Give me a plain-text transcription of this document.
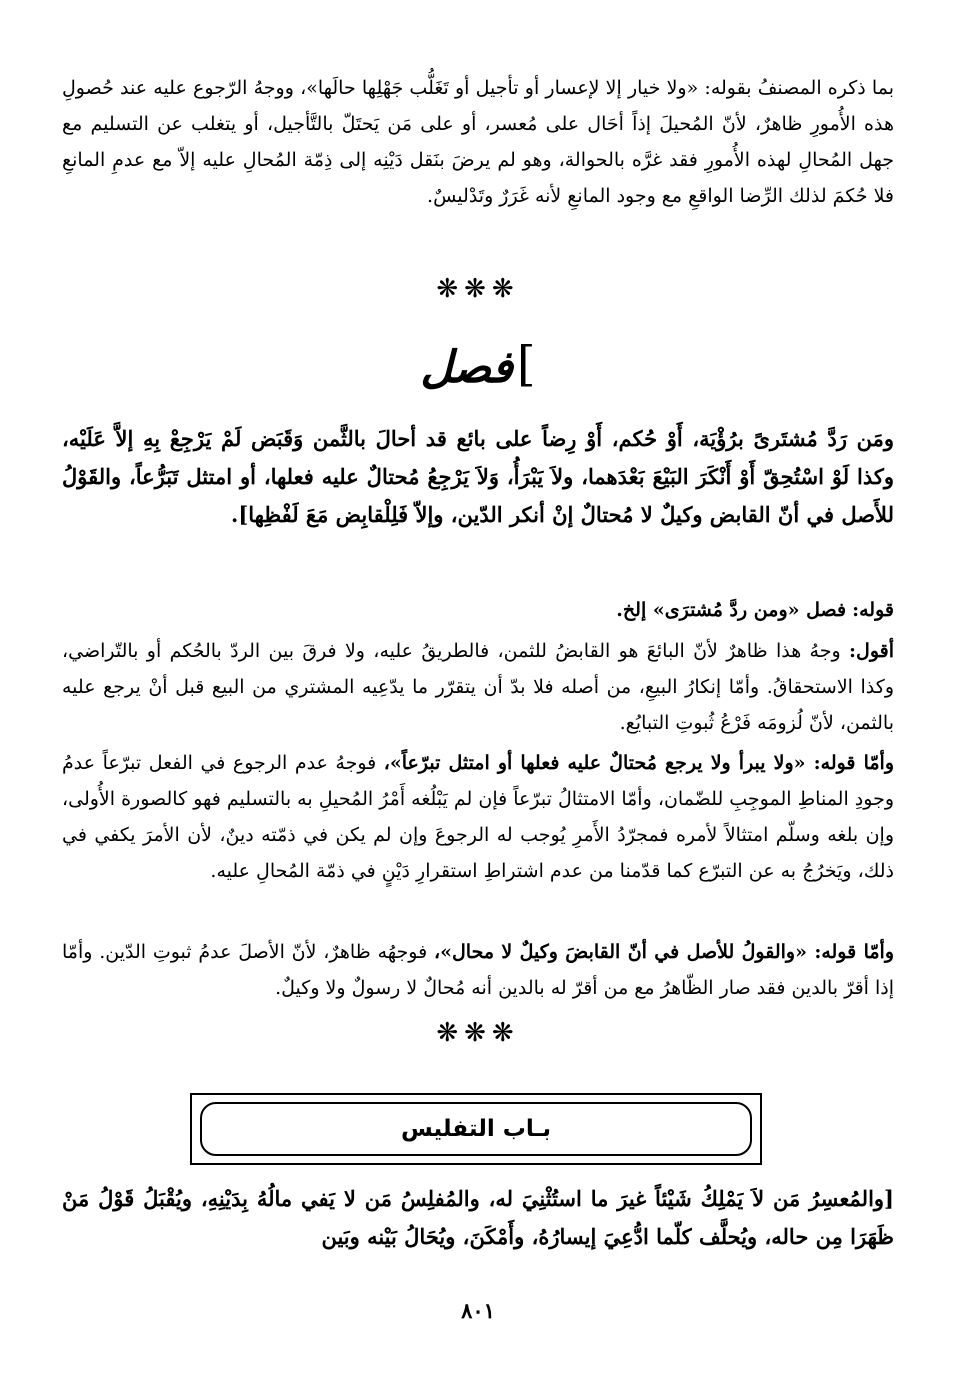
بما ذكره المصنفُ بقوله: «ولا خيار إلا لإعسار أو تأجيل أو تَغَلُّب جَهْلِها حالَها»، ووجهُ الرّجوع عليه عند حُصولِ هذه الأُمورِ ظاهرٌ، لأنّ المُحيلَ إذاً أحَال على مُعسر، أو على مَن يَحتَلّ بالتَّأجيل، أو يتغلب عن التسليم مع جهل المُحالِ لهذه الأُمورِ فقد غرَّه بالحوالة، وهو لم يرضَ بنَقل دَيْنِه إلى ذِمّة المُحالِ عليه إلاّ مع عدمِ المانعِ فلا حُكمَ لذلك الرِّضا الواقعِ مع وجود المانعِ لأنه غَرَرٌ وتَدْليسٌ.

❋❋❋
فصل[

ومَن رَدَّ مُشتَرىً برُؤْيَة، أَوْ حُكم، أَوْ رِضاً على بائع قد أحالَ بالثَّمن وَقَبَض لَمْ يَرْجِعْ بِهِ إلاَّ عَلَيْه، وكذا لَوْ اسْتُحِقّ أَوْ أَنْكَرَ البَيْعَ بَعْدَهما، ولاَ يَبْرَأُ، وَلاَ يَرْجِعُ مُحتالٌ عليه فعلها، أو امتثل تَبَرُّعاً، والقَوْلُ للأَصل في أنّ القابض وكيلٌ لا مُحتالٌ إنْ أنكر الدّين، وإلاّ فَلِلْقابِض مَعَ لَفْظِها].

قوله: فصل «ومن ردَّ مُشترَى» إلخ.

أقول: وجهُ هذا ظاهرٌ لأنّ البائعَ هو القابضُ للثمن، فالطريقُ عليه، ولا فرقَ بين الردّ بالحُكم أو بالتّراضي، وكذا الاستحقاقُ. وأمّا إنكارُ البيعِ، من أصله فلا بدّ أن يتقرّر ما يدّعِيه المشتري من البيع قبل أنْ يرجع عليه بالثمن، لأنّ لُزومَه فَرْعُ ثُبوتِ التبايُع.

وأمّا قوله: «ولا يبرأ ولا يرجع مُحتالٌ عليه فعلها أو امتثل تبرّعاً»، فوجهُ عدم الرجوع في الفعل تبرّعاً عدمُ وجودِ المناطِ الموجِبِ للضّمان، وأمّا الامتثالُ تبرّعاً فإن لم يَبْلُغه أَمْرُ المُحيلِ به بالتسليم فهو كالصورة الأُولى، وإن بلغه وسلّم امتثالاً لأمره فمجرّدُ الأَمرِ يُوجب له الرجوعَ وإن لم يكن في ذمّته دينٌ، لأن الأمرَ يكفي في ذلك، ويَخرُجُ به عن التبرّع كما قدّمنا من عدم اشتراطِ استقرارِ دَيْنٍ في ذمّة المُحالِ عليه.

وأمّا قوله: «والقولُ للأصل في أنّ القابضَ وكيلٌ لا محال»، فوجهُه ظاهرٌ، لأنّ الأصلَ عدمُ ثبوتِ الدّين. وأمّا إذا أقرّ بالدين فقد صار الظّاهرُ مع من أقرّ له بالدين أنه مُحالٌ لا رسولٌ ولا وكيلٌ.

❋❋❋
بـاب التفليس

[والمُعسِرُ مَن لاَ يَمْلِكُ شَيْئاً غيرَ ما استُثْنِيَ له، والمُفلِسُ مَن لا يَفي مالُهُ بِدَيْنِهِ، ويُقْبَلُ قَوْلُ مَنْ ظَهَرَا مِن حاله، ويُحلَّف كلّما ادُّعِيَ إيسارُهُ، وأَمْكَنَ، ويُحَالُ بَيْنه وبَين

٨٠١
